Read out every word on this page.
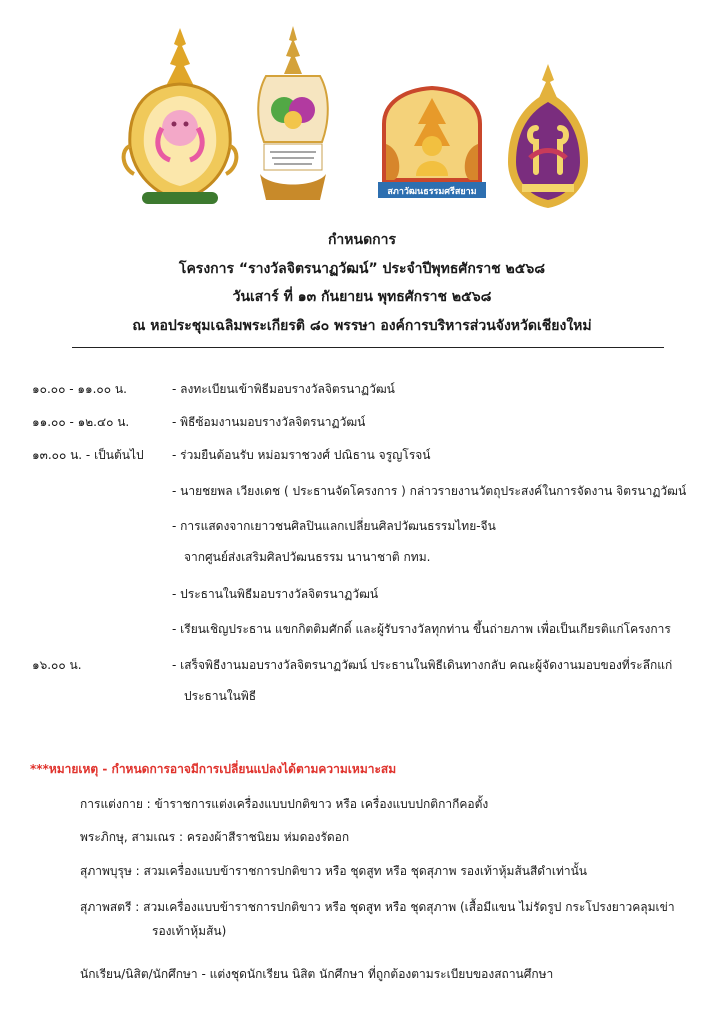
สภาวัฒนธรรมศรีสยาม
กำหนดการ
โครงการ “รางวัลจิตรนาฏวัฒน์” ประจำปีพุทธศักราช ๒๕๖๘
วันเสาร์ ที่ ๑๓ กันยายน พุทธศักราช ๒๕๖๘
ณ หอประชุมเฉลิมพระเกียรติ ๘๐ พรรษา องค์การบริหารส่วนจังหวัดเชียงใหม่
๑๐.๐๐ - ๑๑.๐๐ น.	- ลงทะเบียนเข้าพิธีมอบรางวัลจิตรนาฏวัฒน์
๑๑.๐๐ - ๑๒.๔๐ น.	- พิธีซ้อมงานมอบรางวัลจิตรนาฏวัฒน์
๑๓.๐๐ น. - เป็นต้นไป	- ร่วมยืนต้อนรับ หม่อมราชวงศ์ ปณิธาน จรูญโรจน์
- นายชยพล เวียงเดช ( ประธานจัดโครงการ ) กล่าวรายงานวัตถุประสงค์ในการจัดงาน จิตรนาฏวัฒน์
- การแสดงจากเยาวชนศิลปินแลกเปลี่ยนศิลปวัฒนธรรมไทย-จีน
จากศูนย์ส่งเสริมศิลปวัฒนธรรม นานาชาติ กทม.
- ประธานในพิธีมอบรางวัลจิตรนาฏวัฒน์
- เรียนเชิญประธาน แขกกิตติมศักดิ์ และผู้รับรางวัลทุกท่าน ขึ้นถ่ายภาพ เพื่อเป็นเกียรติแก่โครงการ
๑๖.๐๐ น.	- เสร็จพิธีงานมอบรางวัลจิตรนาฏวัฒน์ ประธานในพิธีเดินทางกลับ คณะผู้จัดงานมอบของที่ระลึกแก่
ประธานในพิธี
***หมายเหตุ - กำหนดการอาจมีการเปลี่ยนแปลงได้ตามความเหมาะสม
การแต่งกาย : ข้าราชการแต่งเครื่องแบบปกติขาว หรือ เครื่องแบบปกติกากีคอตั้ง
พระภิกษุ, สามเณร : ครองผ้าสีราชนิยม ห่มดองรัดอก
สุภาพบุรุษ : สวมเครื่องแบบข้าราชการปกติขาว หรือ ชุดสูท หรือ ชุดสุภาพ รองเท้าหุ้มส้นสีดำเท่านั้น
สุภาพสตรี : สวมเครื่องแบบข้าราชการปกติขาว หรือ ชุดสูท หรือ ชุดสุภาพ (เสื้อมีแขน ไม่รัดรูป กระโปรงยาวคลุมเข่า
รองเท้าหุ้มส้น)
นักเรียน/นิสิต/นักศึกษา - แต่งชุดนักเรียน นิสิต นักศึกษา ที่ถูกต้องตามระเบียบของสถานศึกษา
